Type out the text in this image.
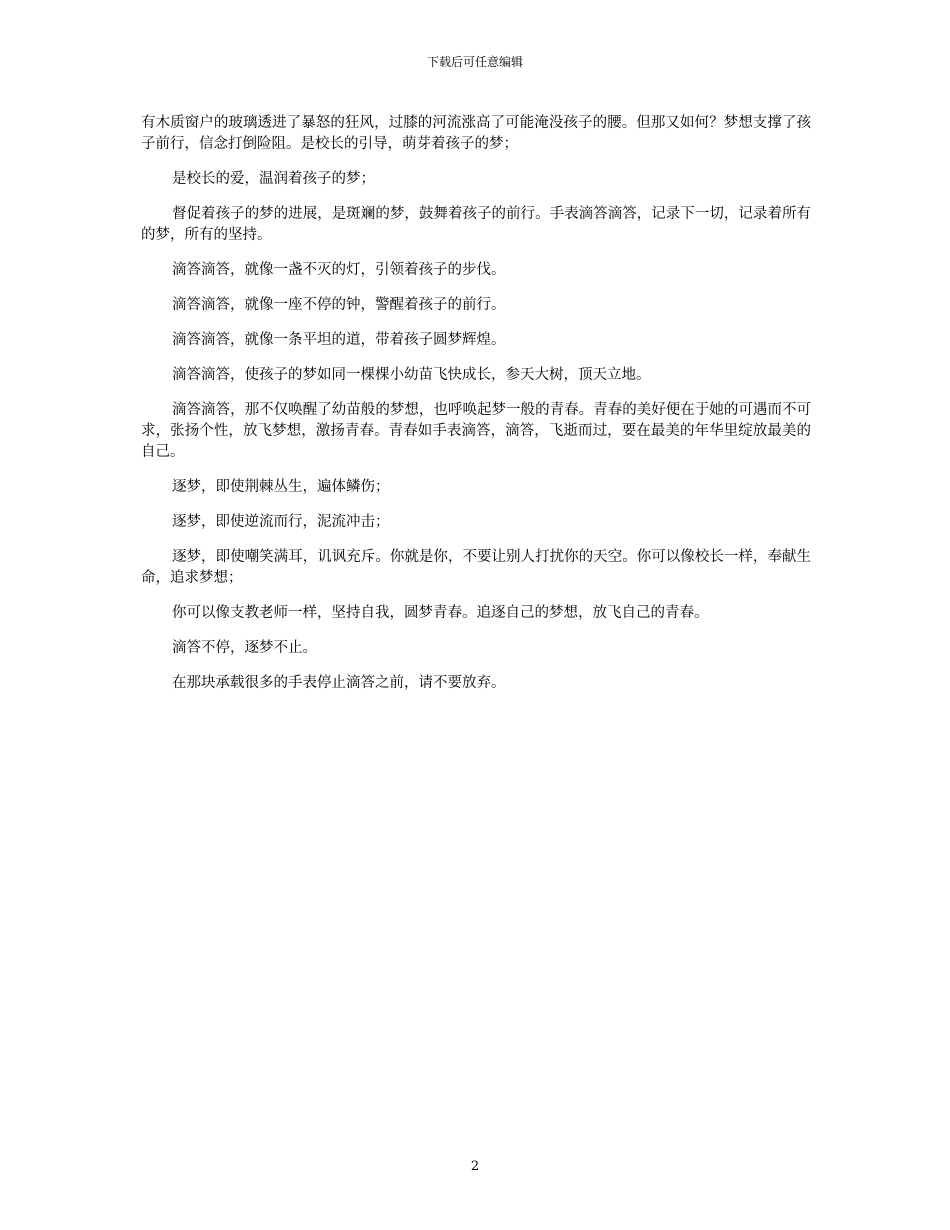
下载后可任意编辑

有木质窗户的玻璃透进了暴怒的狂风，过膝的河流涨高了可能淹没孩子的腰。但那又如何？梦想支撑了孩子前行，信念打倒险阻。是校长的引导，萌芽着孩子的梦；

是校长的爱，温润着孩子的梦；

督促着孩子的梦的进展，是斑斓的梦，鼓舞着孩子的前行。手表滴答滴答，记录下一切，记录着所有的梦，所有的坚持。

滴答滴答，就像一盏不灭的灯，引领着孩子的步伐。

滴答滴答，就像一座不停的钟，警醒着孩子的前行。

滴答滴答，就像一条平坦的道，带着孩子圆梦辉煌。

滴答滴答，使孩子的梦如同一棵棵小幼苗飞快成长，参天大树，顶天立地。

滴答滴答，那不仅唤醒了幼苗般的梦想，也呼唤起梦一般的青春。青春的美好便在于她的可遇而不可求，张扬个性，放飞梦想，激扬青春。青春如手表滴答，滴答，飞逝而过，要在最美的年华里绽放最美的自己。

逐梦，即使荆棘丛生，遍体鳞伤；

逐梦，即使逆流而行，泥流冲击；

逐梦，即使嘲笑满耳，讥讽充斥。你就是你，不要让别人打扰你的天空。你可以像校长一样，奉献生命，追求梦想；

你可以像支教老师一样，坚持自我，圆梦青春。追逐自己的梦想，放飞自己的青春。

滴答不停，逐梦不止。

在那块承载很多的手表停止滴答之前，请不要放弃。

2
